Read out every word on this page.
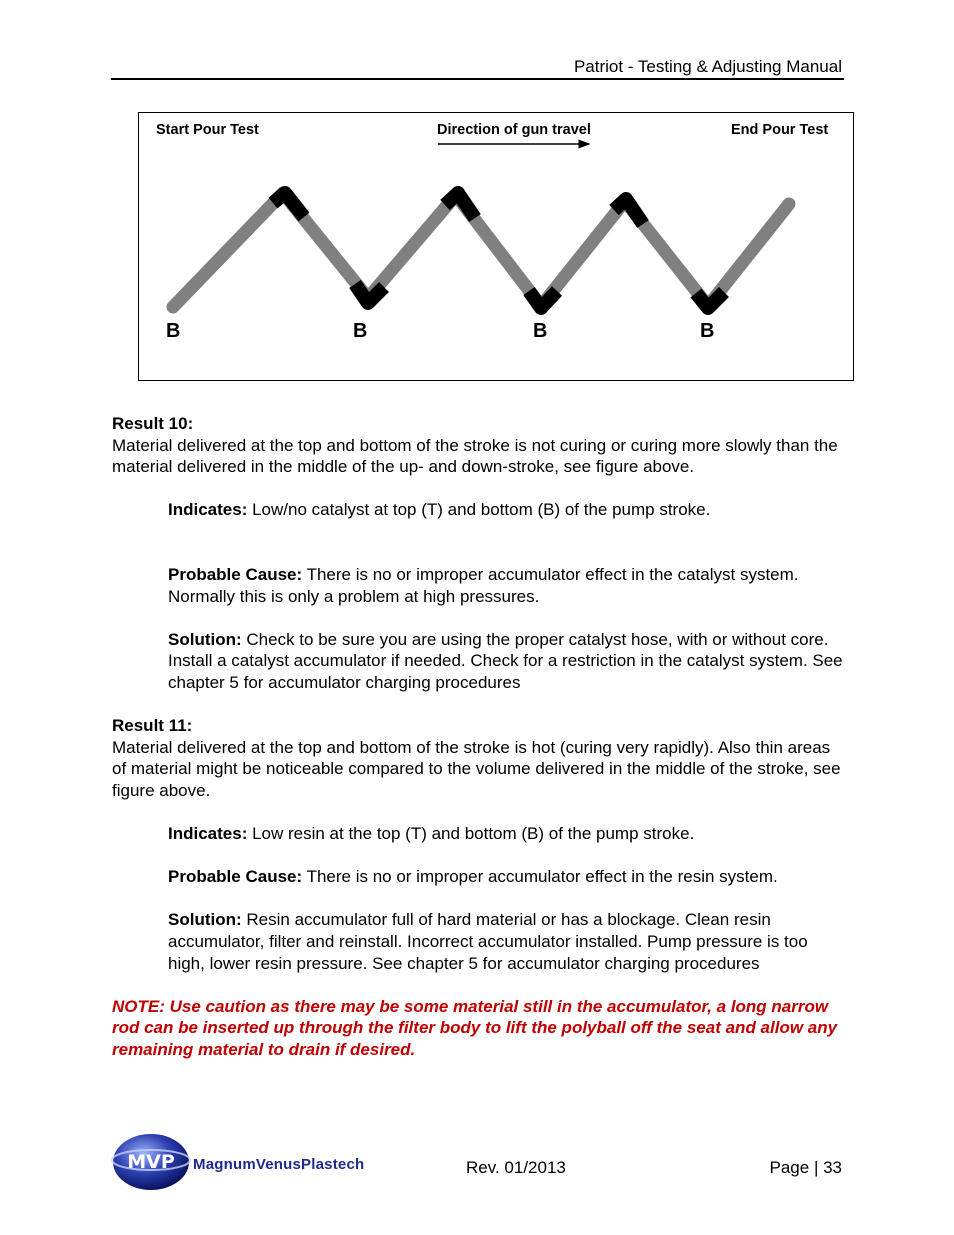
Patriot - Testing & Adjusting Manual
Start Pour Test	Direction of gun travel	End Pour Test
B	B	B	B

Result 10:

Material delivered at the top and bottom of the stroke is not curing or curing more slowly than the material delivered in the middle of the up- and down-stroke, see figure above.

Indicates: Low/no catalyst at top (T) and bottom (B) of the pump stroke.

Probable Cause: There is no or improper accumulator effect in the catalyst system. Normally this is only a problem at high pressures.

Solution: Check to be sure you are using the proper catalyst hose, with or without core. Install a catalyst accumulator if needed. Check for a restriction in the catalyst system. See chapter 5 for accumulator charging procedures

Result 11:

Material delivered at the top and bottom of the stroke is hot (curing very rapidly). Also thin areas of material might be noticeable compared to the volume delivered in the middle of the stroke, see figure above.

Indicates: Low resin at the top (T) and bottom (B) of the pump stroke.

Probable Cause: There is no or improper accumulator effect in the resin system.

Solution: Resin accumulator full of hard material or has a blockage. Clean resin accumulator, filter and reinstall. Incorrect accumulator installed. Pump pressure is too high, lower resin pressure. See chapter 5 for accumulator charging procedures

NOTE: Use caution as there may be some material still in the accumulator, a long narrow rod can be inserted up through the filter body to lift the polyball off the seat and allow any remaining material to drain if desired.

MVP MagnumVenusPlastech	Rev. 01/2013	Page | 33
